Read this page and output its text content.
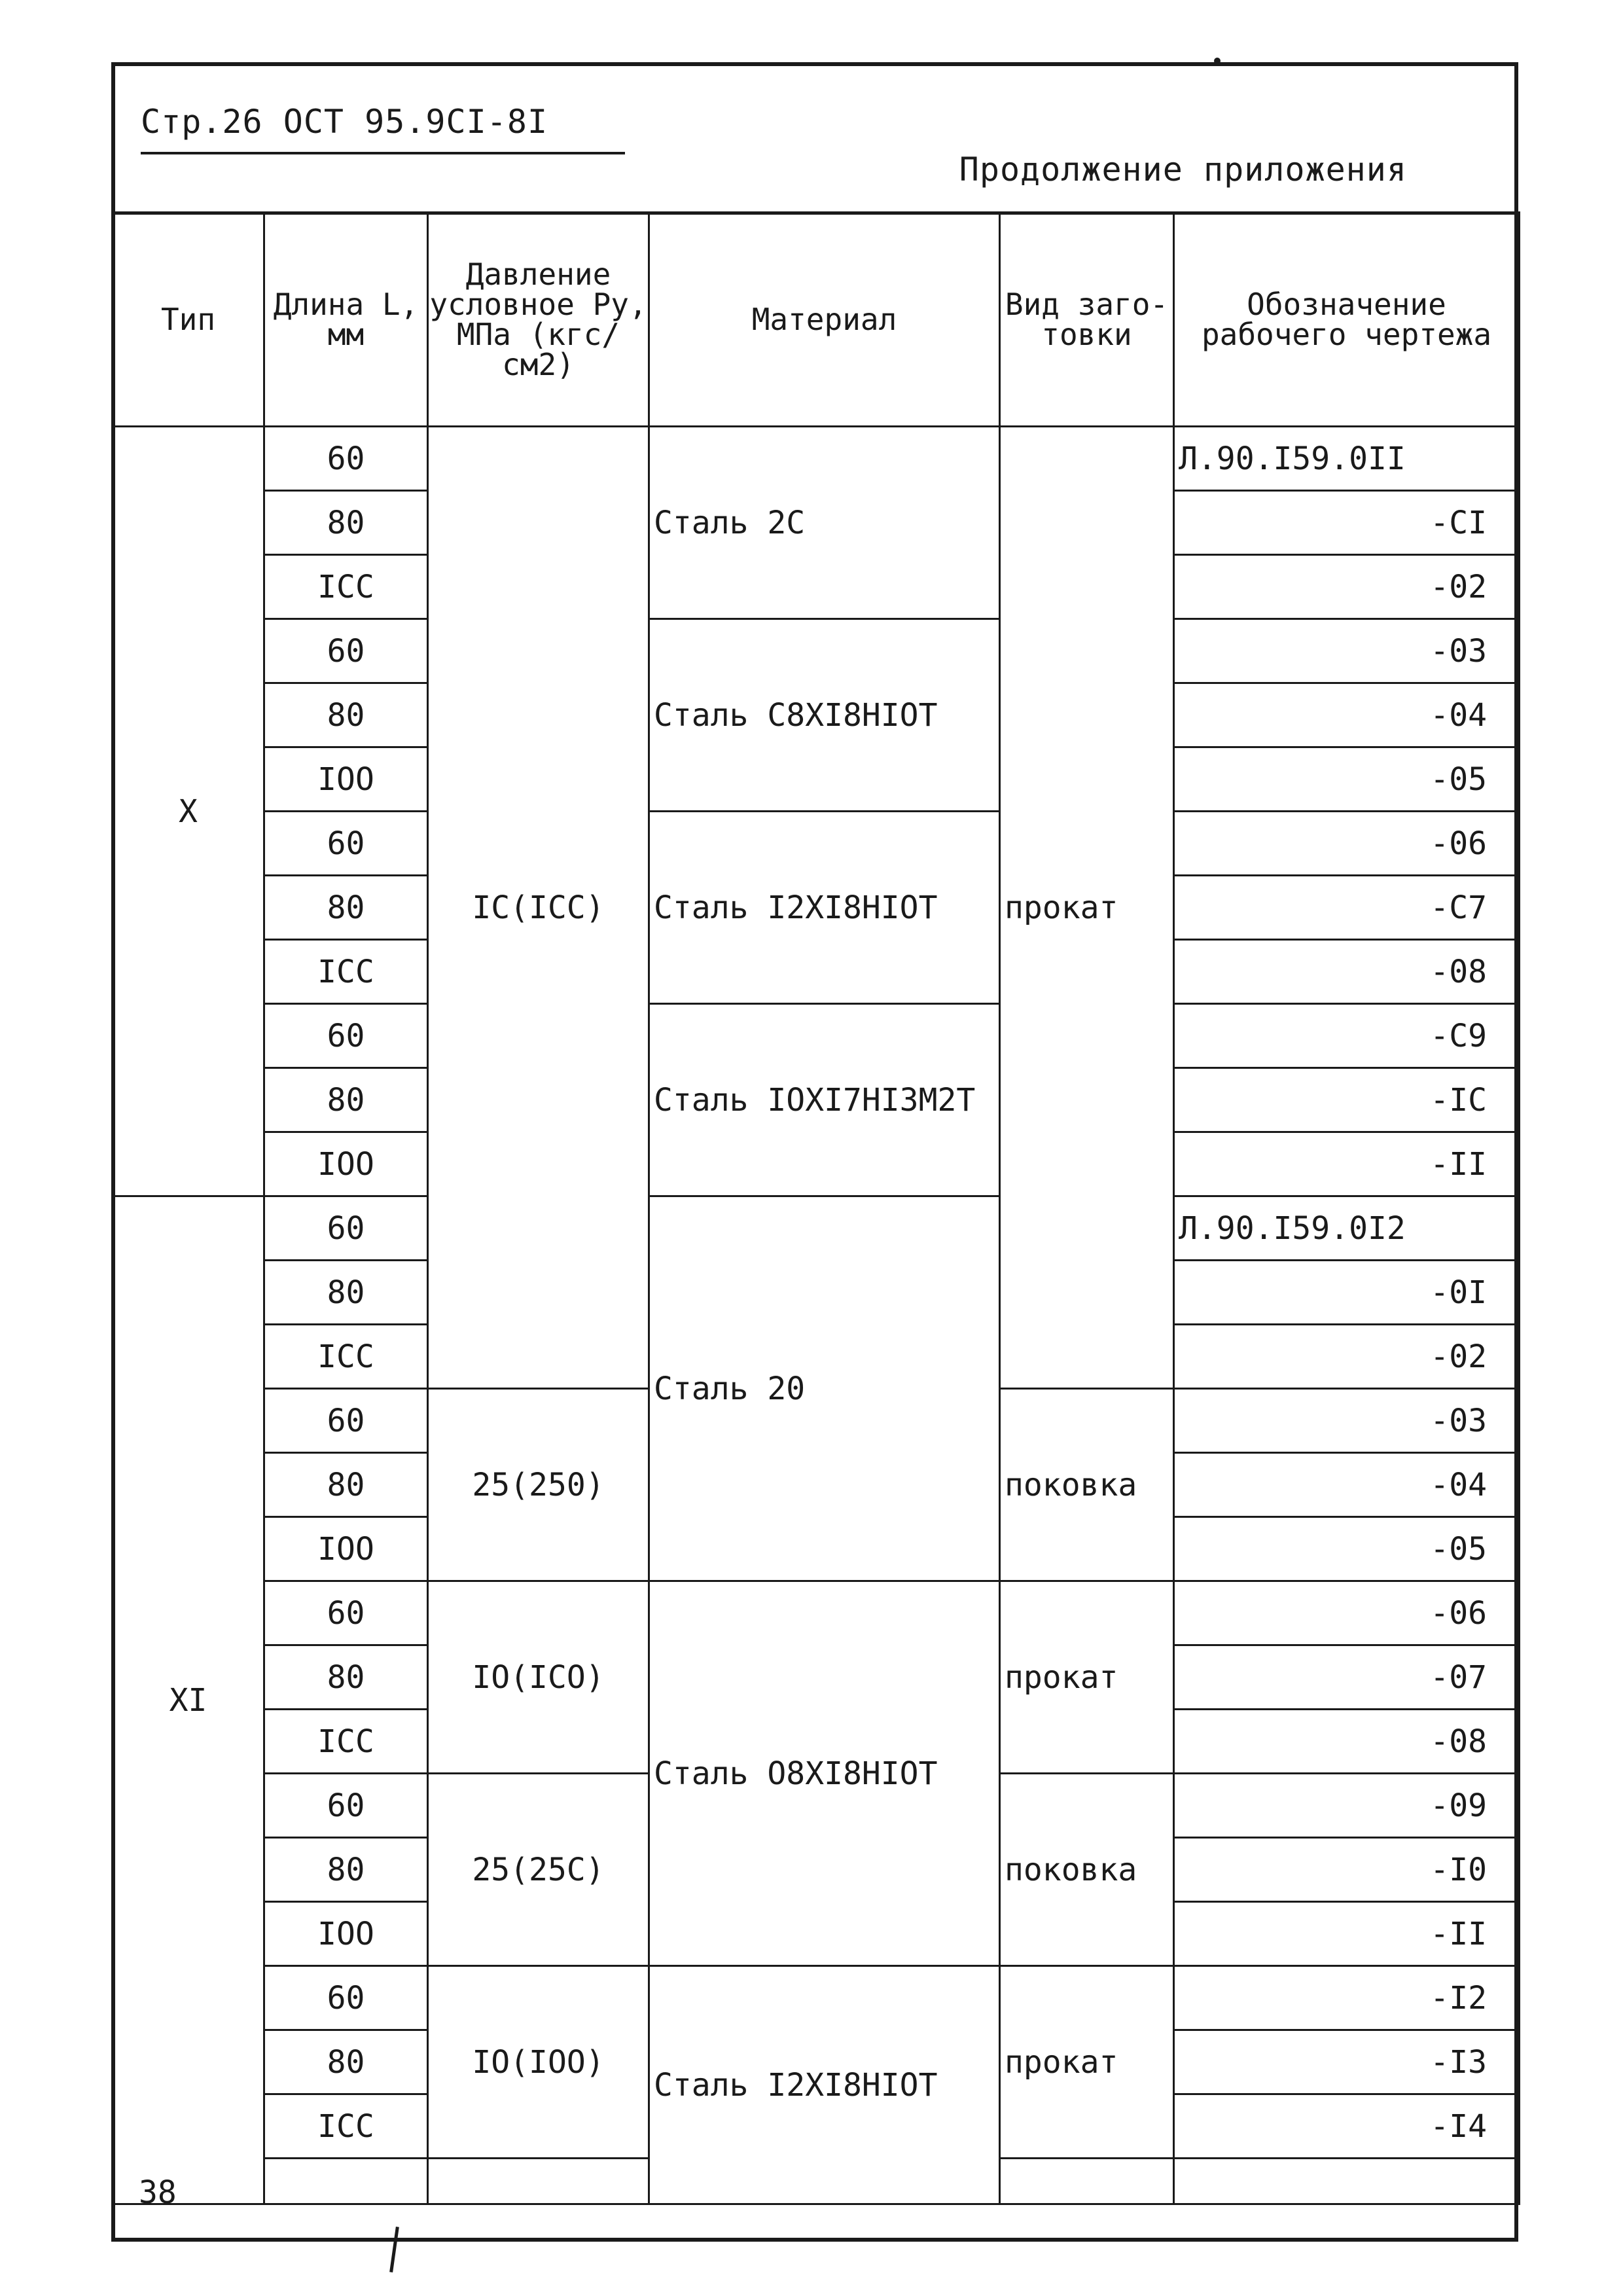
Стр.26 ОСТ 95.9СI-8I
Продолжение приложения
Тип	Длина L, мм	Давление условное Ру, МПа (кгс/см2)	Материал	Вид заго-товки	Обозначение рабочего чертежа
X	60	IС(IСС)	Сталь 2С	прокат	Л.90.I59.0II
	80				-СI
	IСС				-02
	60		Сталь С8ХI8НIОТ		-03
	80				-04
	IOO				-05
	60		Сталь I2ХI8НIОТ		-06
	80				-С7
	IСС				-08
	60		Сталь IОХI7НI3М2Т		-С9
	80				-IС
	IOO				-II
XI	60		Сталь 20		Л.90.I59.0I2
	80				-0I
	IСС				-02
	60	25(250)		поковка	-03
	80				-04
	IОО				-05
	60	IO(IСО)	Сталь О8ХI8НIОТ	прокат	-06
	80				-07
	IСС				-08
	60	25(25С)		поковка	-09
	80				-I0
	IОО				-II
	60	IО(IОО)	Сталь I2ХI8НIОТ	прокат	-I2
	80				-I3
	IСС				-I4

38
